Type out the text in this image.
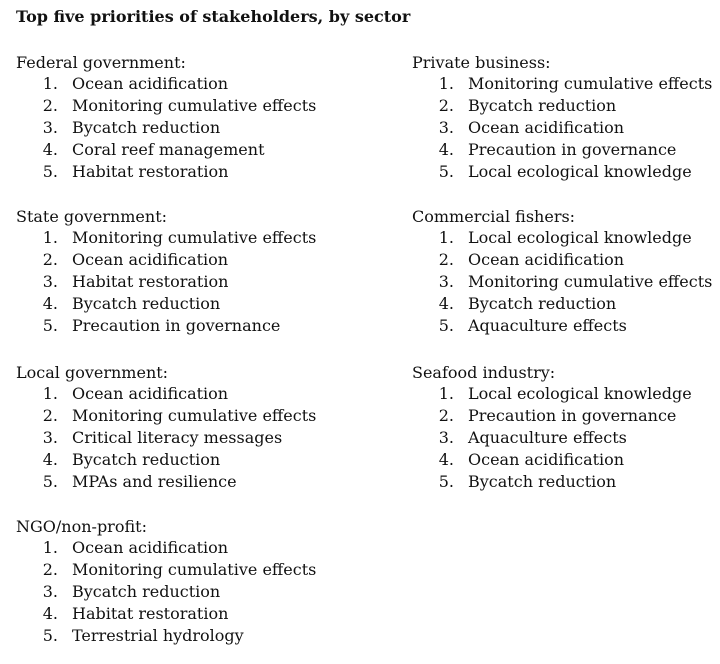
Top five priorities of stakeholders, by sector
Federal government:
1. Ocean acidification
2. Monitoring cumulative effects
3. Bycatch reduction
4. Coral reef management
5. Habitat restoration
State government:
1. Monitoring cumulative effects
2. Ocean acidification
3. Habitat restoration
4. Bycatch reduction
5. Precaution in governance
Local government:
1. Ocean acidification
2. Monitoring cumulative effects
3. Critical literacy messages
4. Bycatch reduction
5. MPAs and resilience
NGO/non-profit:
1. Ocean acidification
2. Monitoring cumulative effects
3. Bycatch reduction
4. Habitat restoration
5. Terrestrial hydrology
Private business:
1. Monitoring cumulative effects
2. Bycatch reduction
3. Ocean acidification
4. Precaution in governance
5. Local ecological knowledge
Commercial fishers:
1. Local ecological knowledge
2. Ocean acidification
3. Monitoring cumulative effects
4. Bycatch reduction
5. Aquaculture effects
Seafood industry:
1. Local ecological knowledge
2. Precaution in governance
3. Aquaculture effects
4. Ocean acidification
5. Bycatch reduction
